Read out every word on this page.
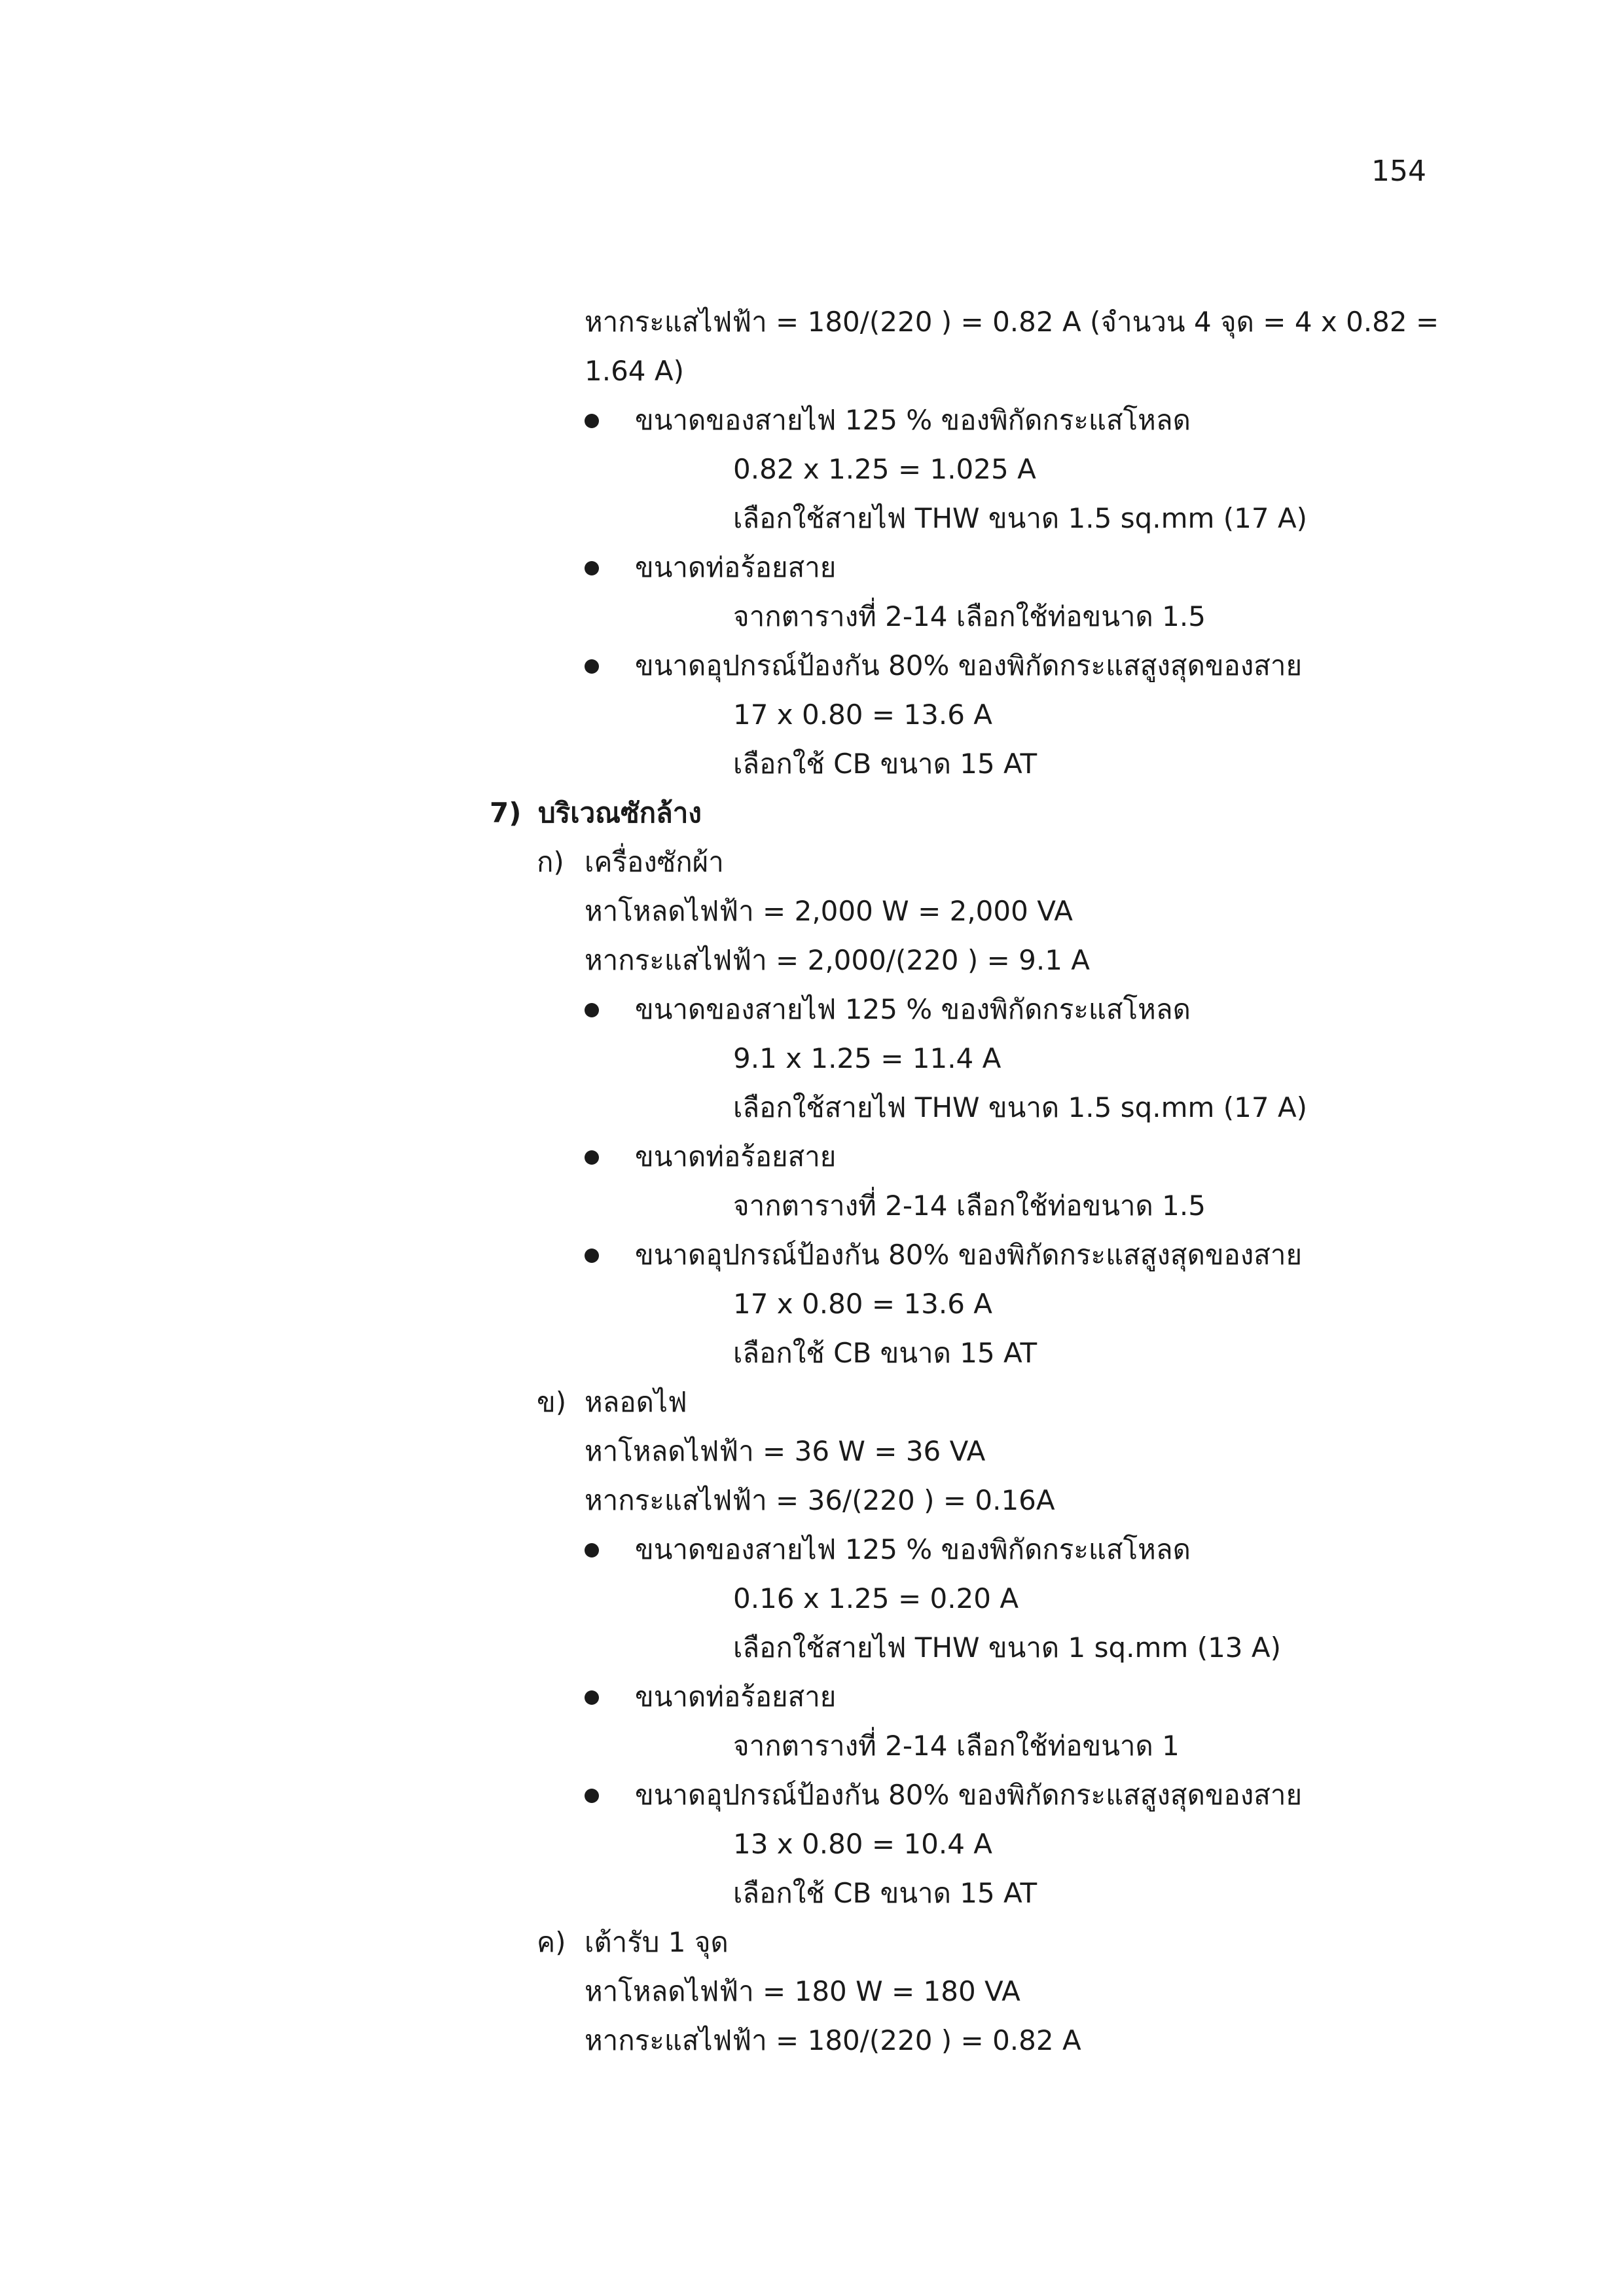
154
หากระแสไฟฟ้า = 180/(220 ) = 0.82 A (จำนวน 4 จุด = 4 x 0.82 =
1.64 A)
ขนาดของสายไฟ 125 % ของพิกัดกระแสโหลด
0.82 x 1.25 = 1.025 A
เลือกใช้สายไฟ THW ขนาด 1.5 sq.mm (17 A)
ขนาดท่อร้อยสาย
จากตารางที่ 2-14 เลือกใช้ท่อขนาด 1.5
ขนาดอุปกรณ์ป้องกัน 80% ของพิกัดกระแสสูงสุดของสาย
17 x 0.80 = 13.6 A
เลือกใช้ CB ขนาด 15 AT
7) บริเวณซักล้าง
ก) เครื่องซักผ้า
หาโหลดไฟฟ้า = 2,000 W = 2,000 VA
หากระแสไฟฟ้า = 2,000/(220 ) = 9.1 A
ขนาดของสายไฟ 125 % ของพิกัดกระแสโหลด
9.1 x 1.25 = 11.4 A
เลือกใช้สายไฟ THW ขนาด 1.5 sq.mm (17 A)
ขนาดท่อร้อยสาย
จากตารางที่ 2-14 เลือกใช้ท่อขนาด 1.5
ขนาดอุปกรณ์ป้องกัน 80% ของพิกัดกระแสสูงสุดของสาย
17 x 0.80 = 13.6 A
เลือกใช้ CB ขนาด 15 AT
ข) หลอดไฟ
หาโหลดไฟฟ้า = 36 W = 36 VA
หากระแสไฟฟ้า = 36/(220 ) = 0.16A
ขนาดของสายไฟ 125 % ของพิกัดกระแสโหลด
0.16 x 1.25 = 0.20 A
เลือกใช้สายไฟ THW ขนาด 1 sq.mm (13 A)
ขนาดท่อร้อยสาย
จากตารางที่ 2-14 เลือกใช้ท่อขนาด 1
ขนาดอุปกรณ์ป้องกัน 80% ของพิกัดกระแสสูงสุดของสาย
13 x 0.80 = 10.4 A
เลือกใช้ CB ขนาด 15 AT
ค) เต้ารับ 1 จุด
หาโหลดไฟฟ้า = 180 W = 180 VA
หากระแสไฟฟ้า = 180/(220 ) = 0.82 A
